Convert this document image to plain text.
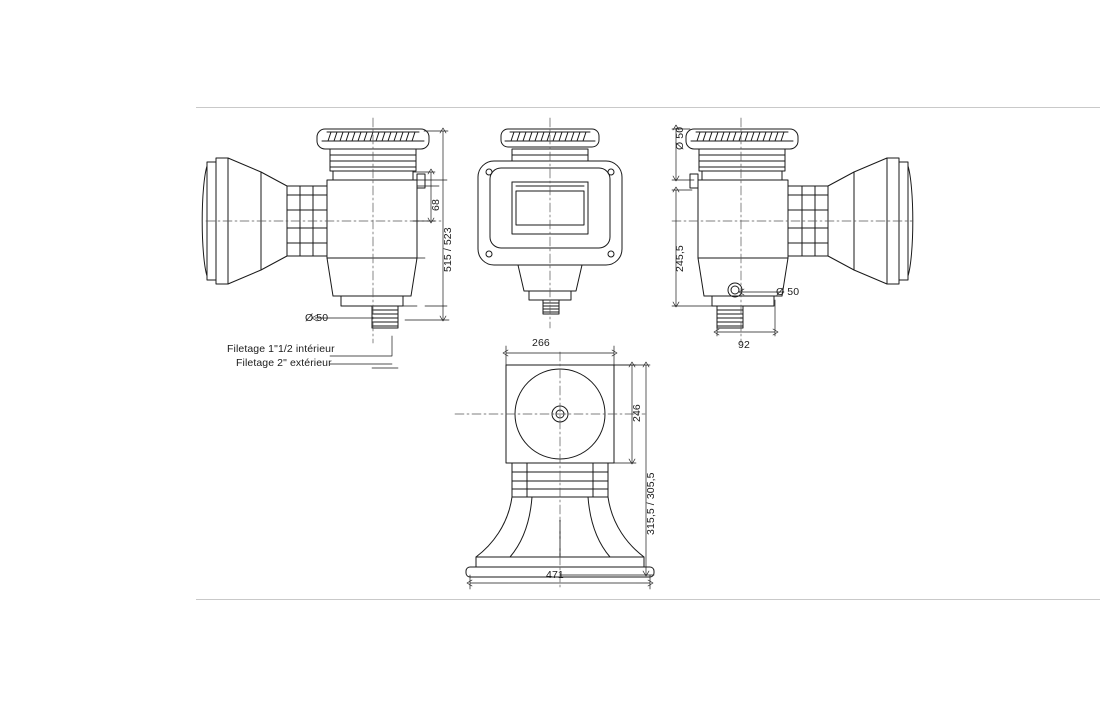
68
515 / 523
Ø 50
Filetage 1"1/2 intérieur
Filetage 2" extérieur
Ø 50
245,5
Ø 50
92
266
246
315,5 / 305,5
471
